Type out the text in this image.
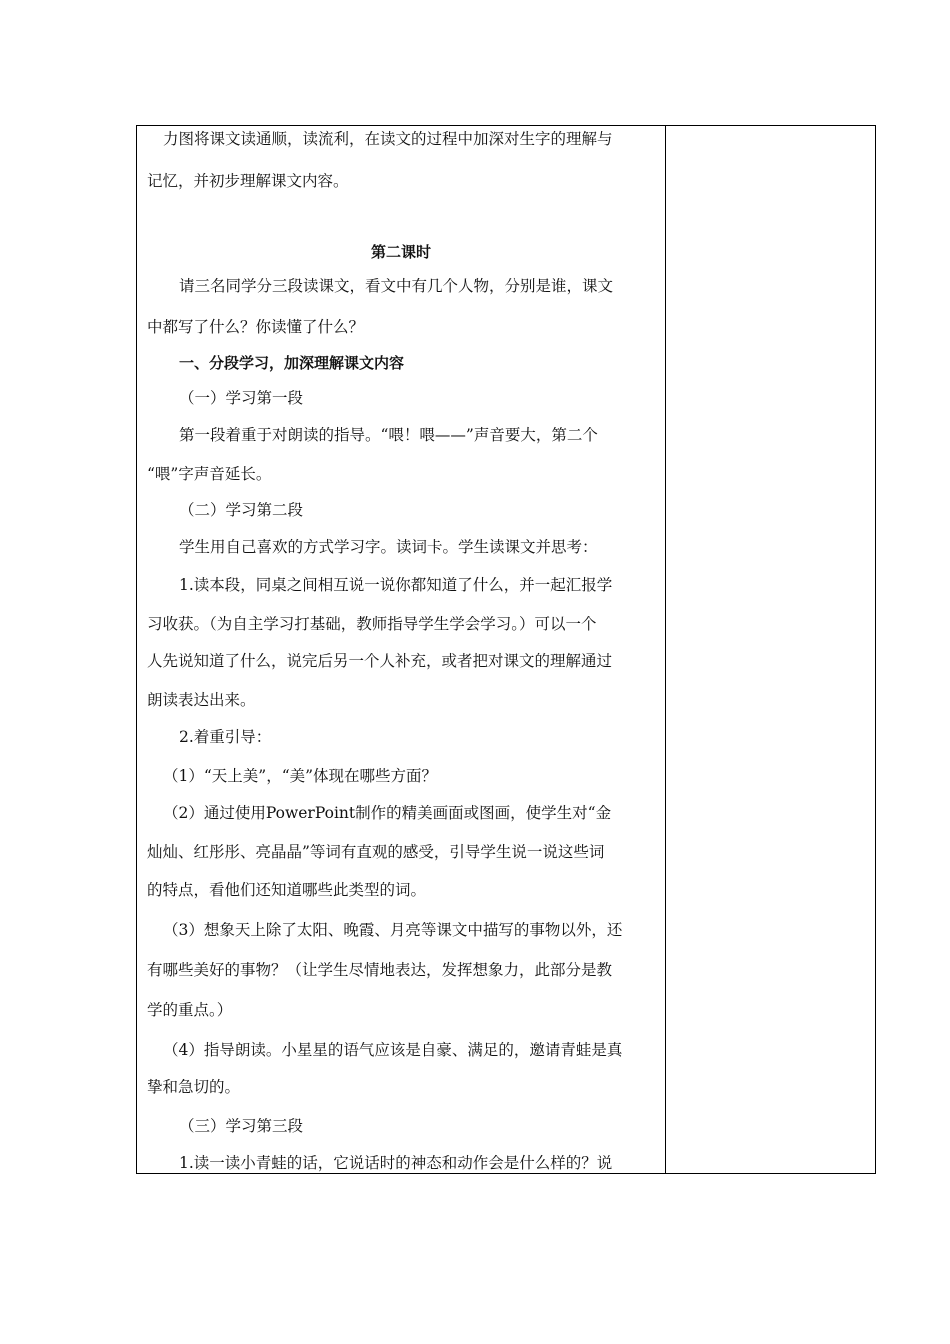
力图将课文读通顺，读流利，在读文的过程中加深对生字的理解与
记忆，并初步理解课文内容。
第二课时
请三名同学分三段读课文，看文中有几个人物，分别是谁，课文
中都写了什么？你读懂了什么？
一、分段学习，加深理解课文内容
（一）学习第一段
第一段着重于对朗读的指导。“喂！喂——”声音要大，第二个
“喂”字声音延长。
（二）学习第二段
学生用自己喜欢的方式学习字。读词卡。学生读课文并思考：
1.读本段，同桌之间相互说一说你都知道了什么，并一起汇报学
习收获。（为自主学习打基础，教师指导学生学会学习。）可以一个
人先说知道了什么，说完后另一个人补充，或者把对课文的理解通过
朗读表达出来。
2.着重引导：
（1）“天上美”，“美”体现在哪些方面？
（2）通过使用PowerPoint制作的精美画面或图画，使学生对“金
灿灿、红彤彤、亮晶晶”等词有直观的感受，引导学生说一说这些词
的特点，看他们还知道哪些此类型的词。
（3）想象天上除了太阳、晚霞、月亮等课文中描写的事物以外，还
有哪些美好的事物？（让学生尽情地表达，发挥想象力，此部分是教
学的重点。）
（4）指导朗读。小星星的语气应该是自豪、满足的，邀请青蛙是真
挚和急切的。
（三）学习第三段
1.读一读小青蛙的话，它说话时的神态和动作会是什么样的？说
